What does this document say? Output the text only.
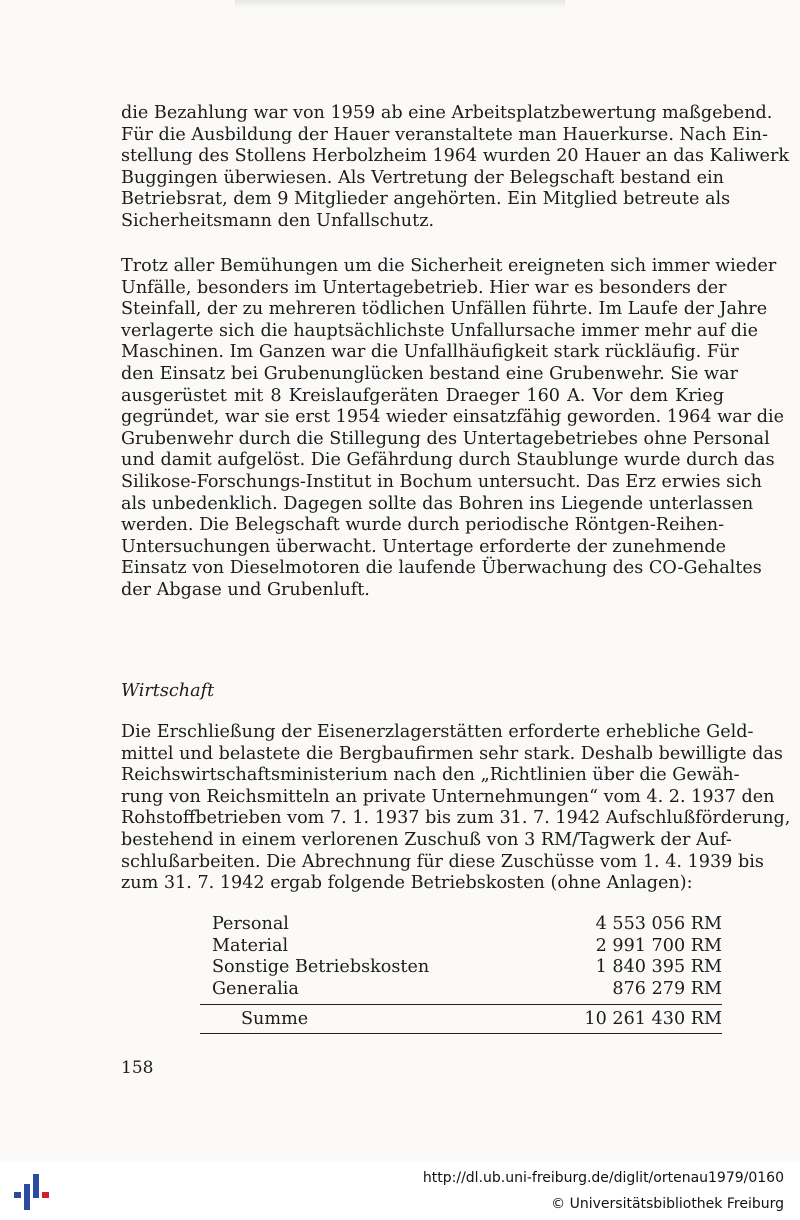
die Bezahlung war von 1959 ab eine Arbeitsplatzbewertung maßgebend.
Für die Ausbildung der Hauer veranstaltete man Hauerkurse. Nach Ein-
stellung des Stollens Herbolzheim 1964 wurden 20 Hauer an das Kaliwerk
Buggingen überwiesen. Als Vertretung der Belegschaft bestand ein
Betriebsrat, dem 9 Mitglieder angehörten. Ein Mitglied betreute als
Sicherheitsmann den Unfallschutz.
Trotz aller Bemühungen um die Sicherheit ereigneten sich immer wieder
Unfälle, besonders im Untertagebetrieb. Hier war es besonders der
Steinfall, der zu mehreren tödlichen Unfällen führte. Im Laufe der Jahre
verlagerte sich die hauptsächlichste Unfallursache immer mehr auf die
Maschinen. Im Ganzen war die Unfallhäufigkeit stark rückläufig. Für
den Einsatz bei Grubenunglücken bestand eine Grubenwehr. Sie war
ausgerüstet mit 8 Kreislaufgeräten Draeger 160 A. Vor dem Krieg
gegründet, war sie erst 1954 wieder einsatzfähig geworden. 1964 war die
Grubenwehr durch die Stillegung des Untertagebetriebes ohne Personal
und damit aufgelöst. Die Gefährdung durch Staublunge wurde durch das
Silikose-Forschungs-Institut in Bochum untersucht. Das Erz erwies sich
als unbedenklich. Dagegen sollte das Bohren ins Liegende unterlassen
werden. Die Belegschaft wurde durch periodische Röntgen-Reihen-
Untersuchungen überwacht. Untertage erforderte der zunehmende
Einsatz von Dieselmotoren die laufende Überwachung des CO-Gehaltes
der Abgase und Grubenluft.
Wirtschaft
Die Erschließung der Eisenerzlagerstätten erforderte erhebliche Geld-
mittel und belastete die Bergbaufirmen sehr stark. Deshalb bewilligte das
Reichswirtschaftsministerium nach den „Richtlinien über die Gewäh-
rung von Reichsmitteln an private Unternehmungen“ vom 4. 2. 1937 den
Rohstoffbetrieben vom 7. 1. 1937 bis zum 31. 7. 1942 Aufschlußförderung,
bestehend in einem verlorenen Zuschuß von 3 RM/Tagwerk der Auf-
schlußarbeiten. Die Abrechnung für diese Zuschüsse vom 1. 4. 1939 bis
zum 31. 7. 1942 ergab folgende Betriebskosten (ohne Anlagen):
Personal	4 553 056 RM
Material	2 991 700 RM
Sonstige Betriebskosten	1 840 395 RM
Generalia	876 279 RM
Summe	10 261 430 RM
158
http://dl.ub.uni-freiburg.de/diglit/ortenau1979/0160
© Universitätsbibliothek Freiburg
